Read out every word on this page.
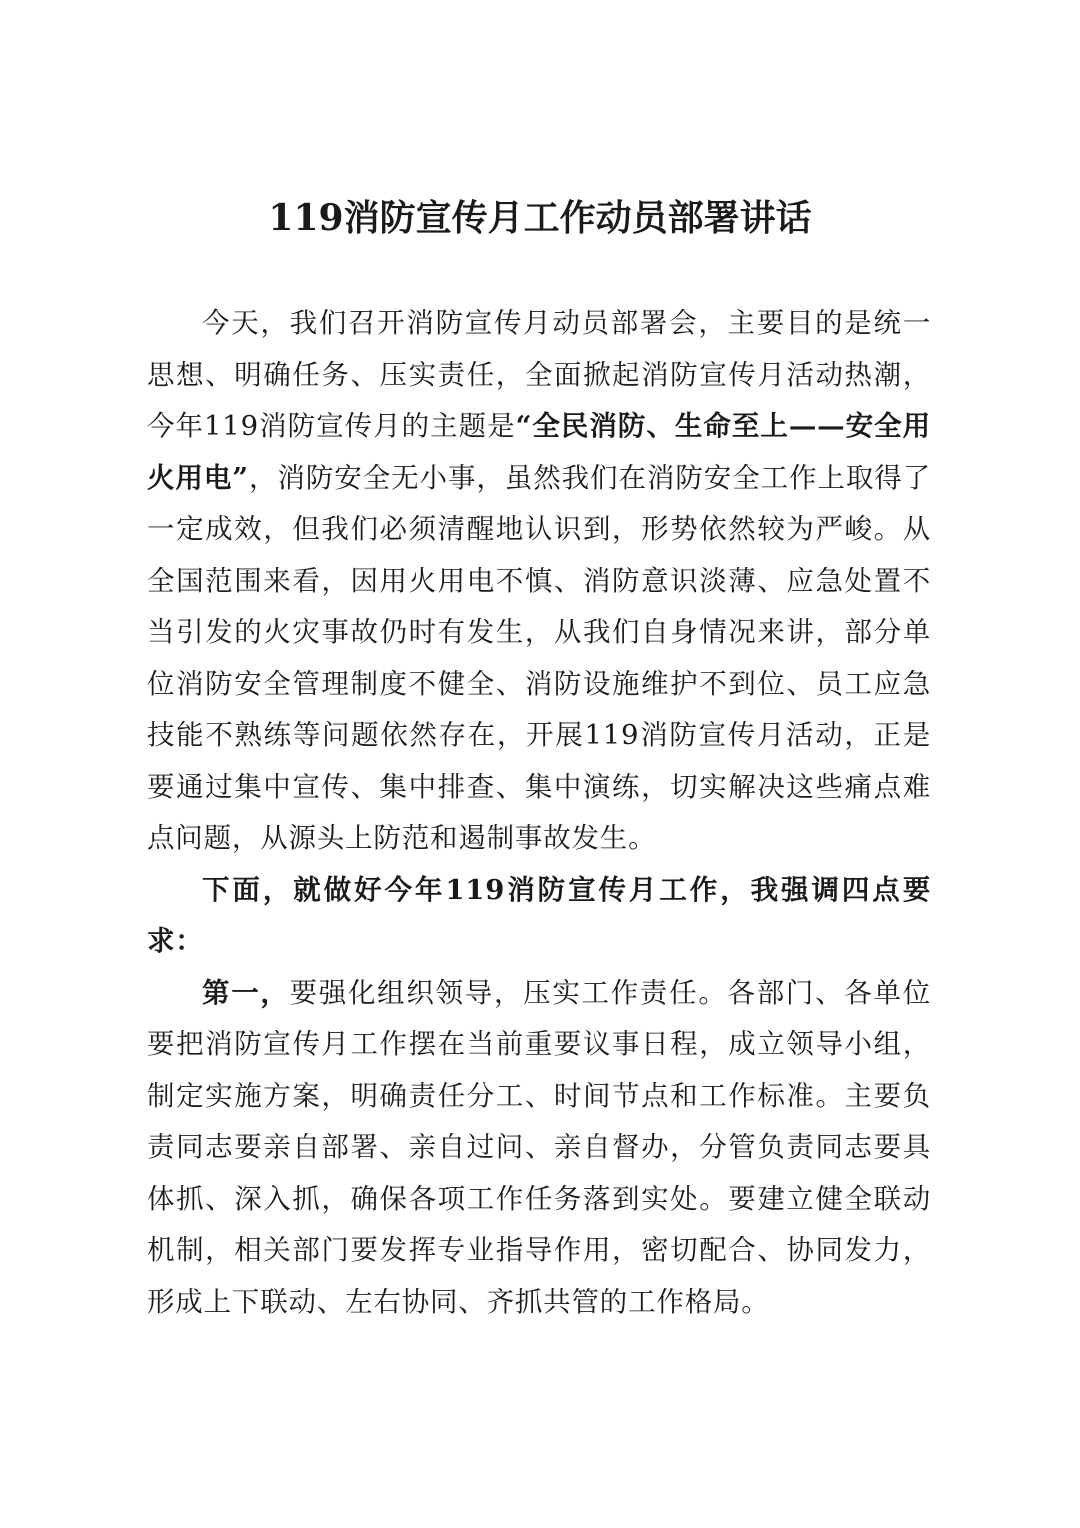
119消防宣传月工作动员部署讲话

今天，我们召开消防宣传月动员部署会，主要目的是统一思想、明确任务、压实责任，全面掀起消防宣传月活动热潮，今年119消防宣传月的主题是“全民消防、生命至上——安全用火用电”，消防安全无小事，虽然我们在消防安全工作上取得了一定成效，但我们必须清醒地认识到，形势依然较为严峻。从全国范围来看，因用火用电不慎、消防意识淡薄、应急处置不当引发的火灾事故仍时有发生，从我们自身情况来讲，部分单位消防安全管理制度不健全、消防设施维护不到位、员工应急技能不熟练等问题依然存在，开展119消防宣传月活动，正是要通过集中宣传、集中排查、集中演练，切实解决这些痛点难点问题，从源头上防范和遏制事故发生。

下面，就做好今年119消防宣传月工作，我强调四点要求：

第一，要强化组织领导，压实工作责任。各部门、各单位要把消防宣传月工作摆在当前重要议事日程，成立领导小组，制定实施方案，明确责任分工、时间节点和工作标准。主要负责同志要亲自部署、亲自过问、亲自督办，分管负责同志要具体抓、深入抓，确保各项工作任务落到实处。要建立健全联动机制，相关部门要发挥专业指导作用，密切配合、协同发力，形成上下联动、左右协同、齐抓共管的工作格局。
